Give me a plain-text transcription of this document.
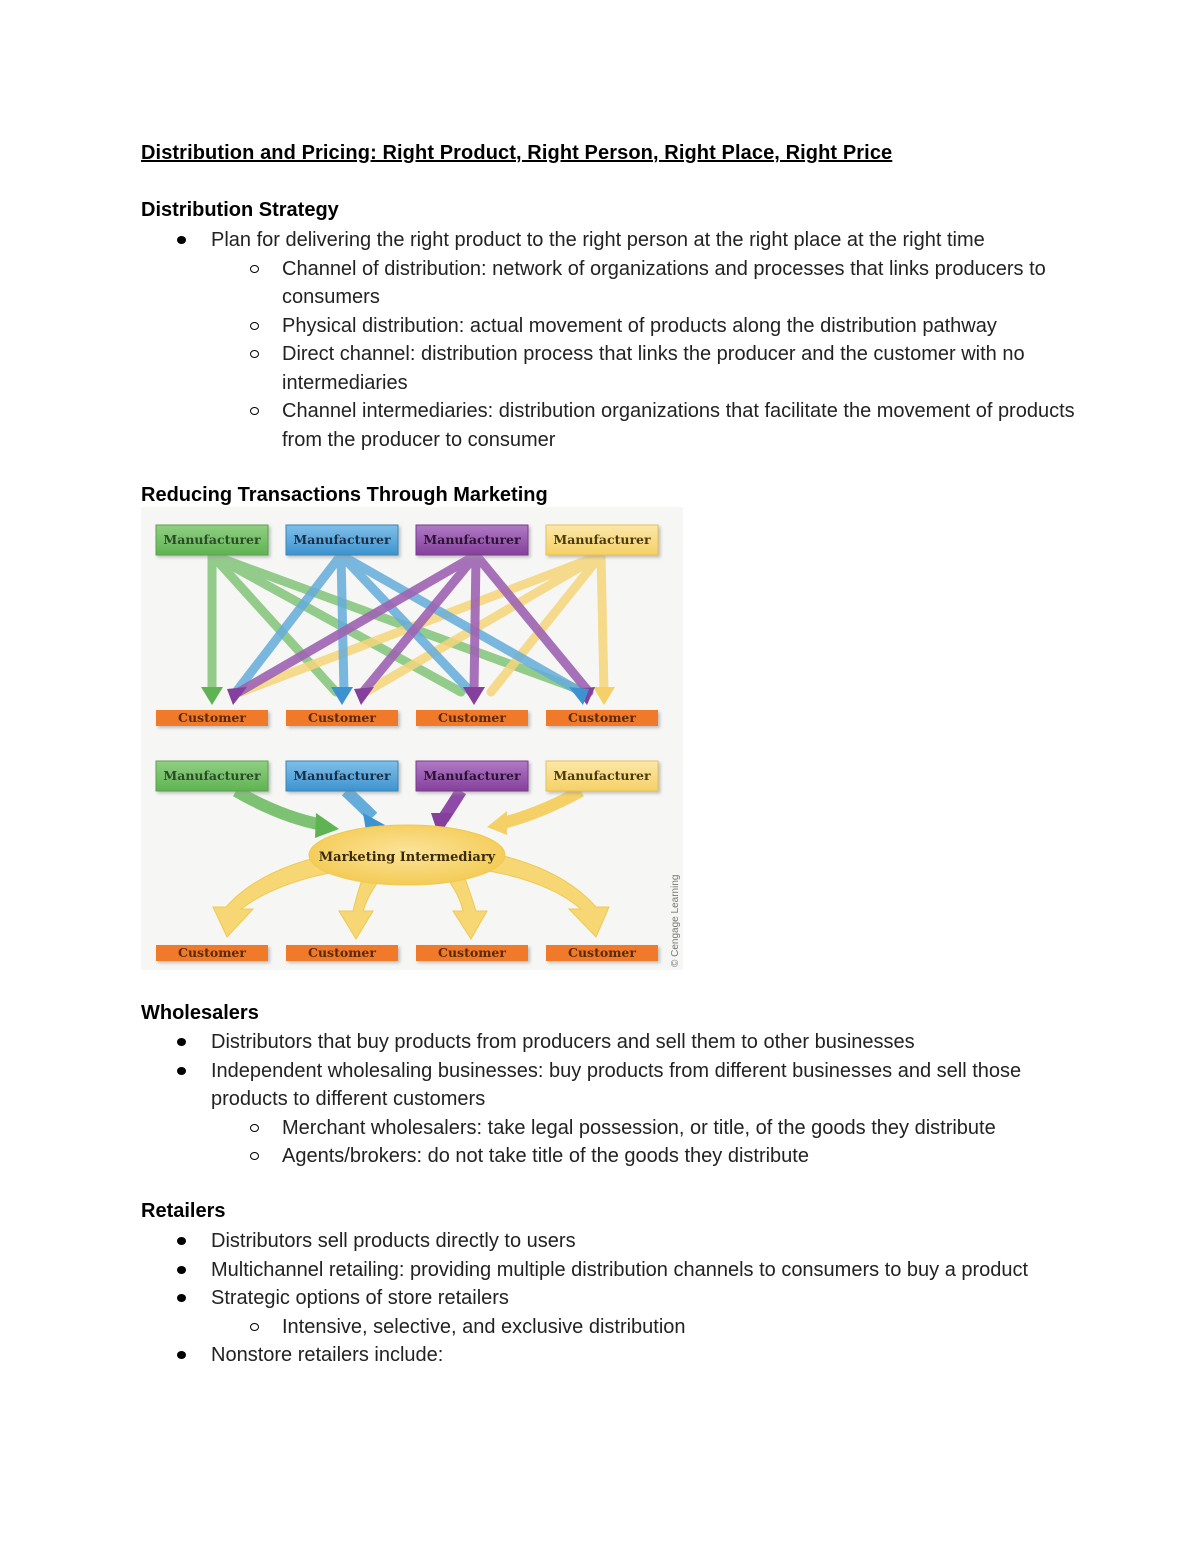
Distribution and Pricing: Right Product, Right Person, Right Place, Right Price
Distribution Strategy
Plan for delivering the right product to the right person at the right place at the right time
Channel of distribution: network of organizations and processes that links producers to consumers
Physical distribution: actual movement of products along the distribution pathway
Direct channel: distribution process that links the producer and the customer with no intermediaries
Channel intermediaries: distribution organizations that facilitate the movement of products from the producer to consumer
Reducing Transactions Through Marketing
Manufacturer	Manufacturer	Manufacturer	Manufacturer
Customer	Customer	Customer	Customer
Marketing Intermediary
Manufacturer	Manufacturer	Manufacturer	Manufacturer
Customer	Customer	Customer	Customer	© Cengage Learning
Wholesalers
Distributors that buy products from producers and sell them to other businesses
Independent wholesaling businesses: buy products from different businesses and sell those products to different customers
Merchant wholesalers: take legal possession, or title, of the goods they distribute
Agents/brokers: do not take title of the goods they distribute
Retailers
Distributors sell products directly to users
Multichannel retailing: providing multiple distribution channels to consumers to buy a product
Strategic options of store retailers
Intensive, selective, and exclusive distribution
Nonstore retailers include:
